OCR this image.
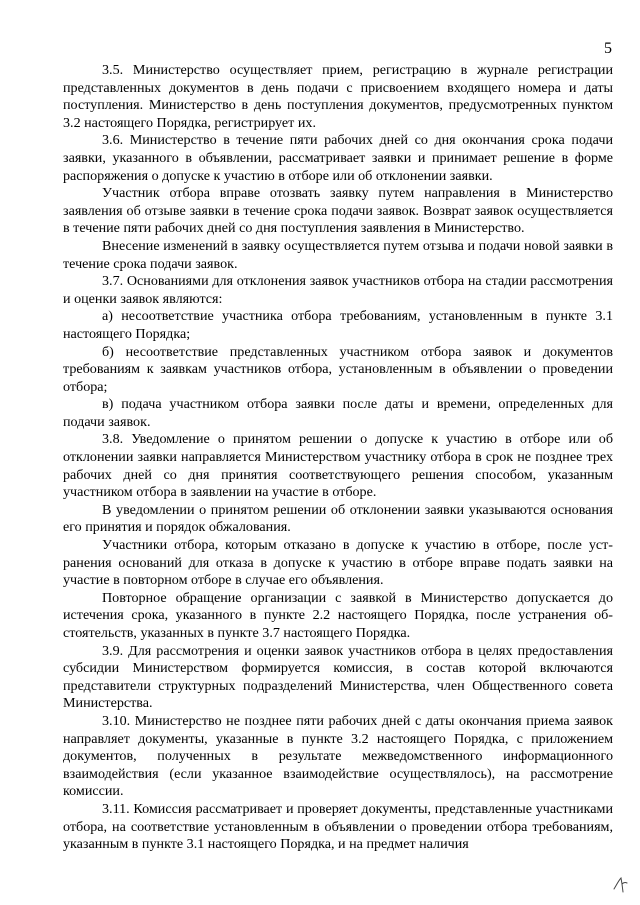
5

3.5. Министерство осуществляет прием, регистрацию в журнале регистрации представленных документов в день подачи с присвоением входящего номера и даты поступления. Министерство в день поступления документов, предусмотренных пунктом 3.2 настоящего Порядка, регистрирует их.

3.6. Министерство в течение пяти рабочих дней со дня окончания срока подачи заявки, указанного в объявлении, рассматривает заявки и принимает решение в форме распоряжения о допуске к участию в отборе или об отклонении заявки.

Участник отбора вправе отозвать заявку путем направления в Министерство заявления об отзыве заявки в течение срока подачи заявок. Возврат заявок осуществляется в течение пяти рабочих дней со дня поступления заявления в Министерство.

Внесение изменений в заявку осуществляется путем отзыва и подачи новой заявки в течение срока подачи заявок.

3.7. Основаниями для отклонения заявок участников отбора на стадии рассмотрения и оценки заявок являются:

а) несоответствие участника отбора требованиям, установленным в пункте 3.1 настоящего Порядка;

б) несоответствие представленных участником отбора заявок и документов требованиям к заявкам участников отбора, установленным в объявлении о проведении отбора;

в) подача участником отбора заявки после даты и времени, определенных для подачи заявок.

3.8. Уведомление о принятом решении о допуске к участию в отборе или об отклонении заявки направляется Министерством участнику отбора в срок не позднее трех рабочих дней со дня принятия соответствующего решения способом, указанным участником отбора в заявлении на участие в отборе.

В уведомлении о принятом решении об отклонении заявки указываются основания его принятия и порядок обжалования.

Участники отбора, которым отказано в допуске к участию в отборе, после устранения оснований для отказа в допуске к участию в отборе вправе подать заявки на участие в повторном отборе в случае его объявления.

Повторное обращение организации с заявкой в Министерство допускается до истечения срока, указанного в пункте 2.2 настоящего Порядка, после устранения обстоятельств, указанных в пункте 3.7 настоящего Порядка.

3.9. Для рассмотрения и оценки заявок участников отбора в целях предоставления субсидии Министерством формируется комиссия, в состав которой включаются представители структурных подразделений Министерства, член Общественного совета Министерства.

3.10. Министерство не позднее пяти рабочих дней с даты окончания приема заявок направляет документы, указанные в пункте 3.2 настоящего Порядка, с приложением документов, полученных в результате межведомственного информационного взаимодействия (если указанное взаимодействие осуществлялось), на рассмотрение комиссии.

3.11. Комиссия рассматривает и проверяет документы, представленные участниками отбора, на соответствие установленным в объявлении о проведении отбора требованиям, указанным в пункте 3.1 настоящего Порядка, и на предмет наличия
